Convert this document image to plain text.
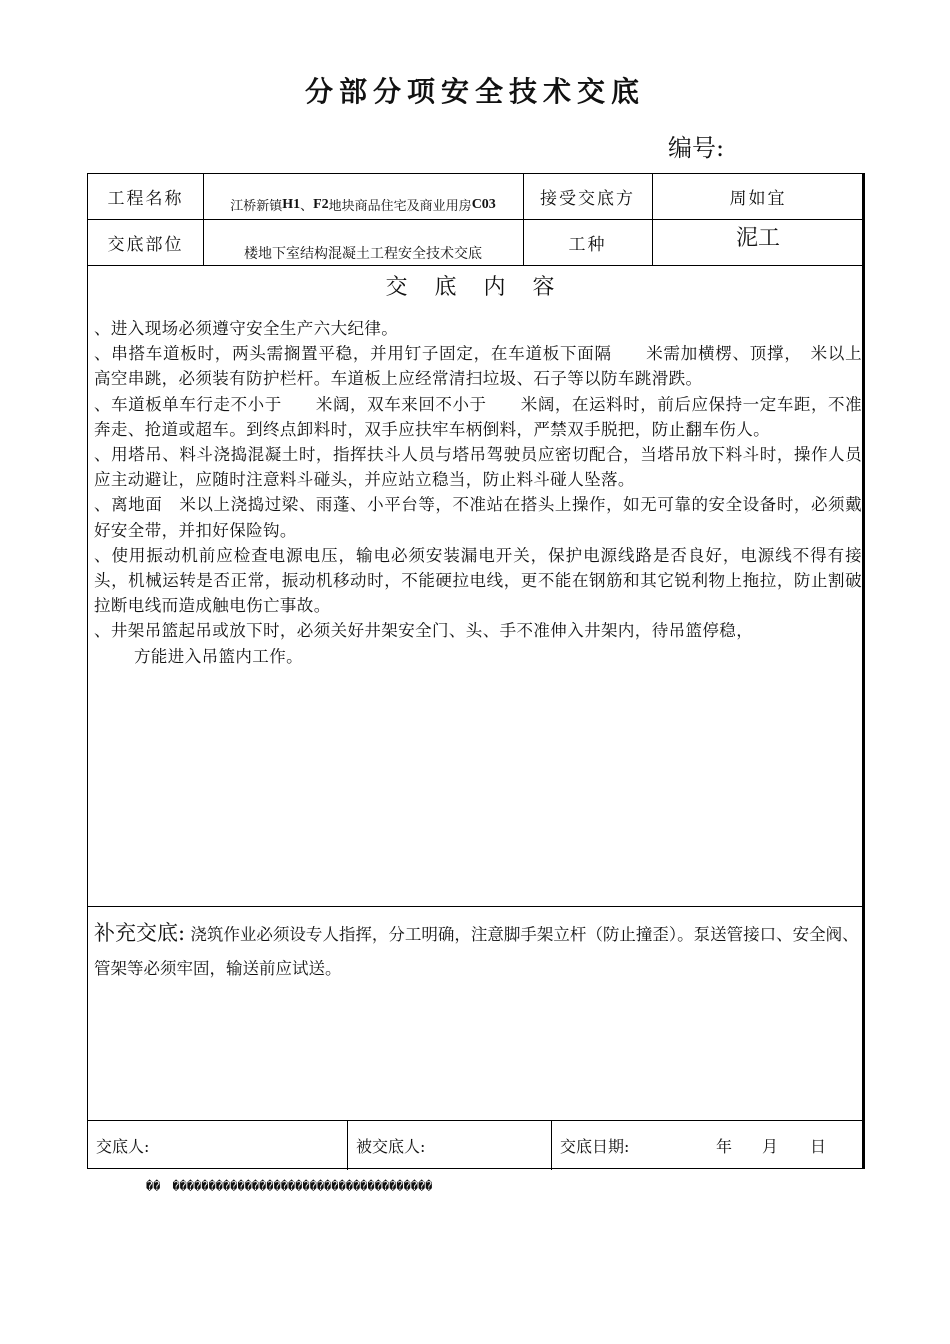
分部分项安全技术交底
编号:
工程名称	江桥新镇 H1 、 F2 地块商品住宅及商业用房 C03	接受交底方	周如宜
交底部位	楼地下室结构混凝土工程安全技术交底	工种	泥工
交 底 内 容

、进入现场必须遵守安全生产六大纪律。

、串搭车道板时，两头需搁置平稳，并用钉子固定，在车道板下面隔　　米需加横楞、顶撑，　米以上高空串跳，必须装有防护栏杆。车道板上应经常清扫垃圾、石子等以防车跳滑跌。

、车道板单车行走不小于　　米阔，双车来回不小于　　米阔，在运料时，前后应保持一定车距，不准奔走、抢道或超车。到终点卸料时，双手应扶牢车柄倒料，严禁双手脱把，防止翻车伤人。

、用塔吊、料斗浇捣混凝土时，指挥扶斗人员与塔吊驾驶员应密切配合，当塔吊放下料斗时，操作人员应主动避让，应随时注意料斗碰头，并应站立稳当，防止料斗碰人坠落。

、离地面　米以上浇捣过梁、雨蓬、小平台等，不准站在搭头上操作，如无可靠的安全设备时，必须戴好安全带，并扣好保险钩。

、使用振动机前应检查电源电压，输电必须安装漏电开关，保护电源线路是否良好，电源线不得有接头，机械运转是否正常，振动机移动时，不能硬拉电线，更不能在钢筋和其它锐利物上拖拉，防止割破拉断电线而造成触电伤亡事故。

、井架吊篮起吊或放下时，必须关好井架安全门、头、手不准伸入井架内，待吊篮停稳，

方能进入吊篮内工作。

补充交底: 浇筑作业必须设专人指挥，分工明确，注意脚手架立杆（防止撞歪）。泵送管接口、安全阀、管架等必须牢固，输送前应试送。
交底人:	被交底人:	交底日期:	年 月 日
��　������������������������������������
